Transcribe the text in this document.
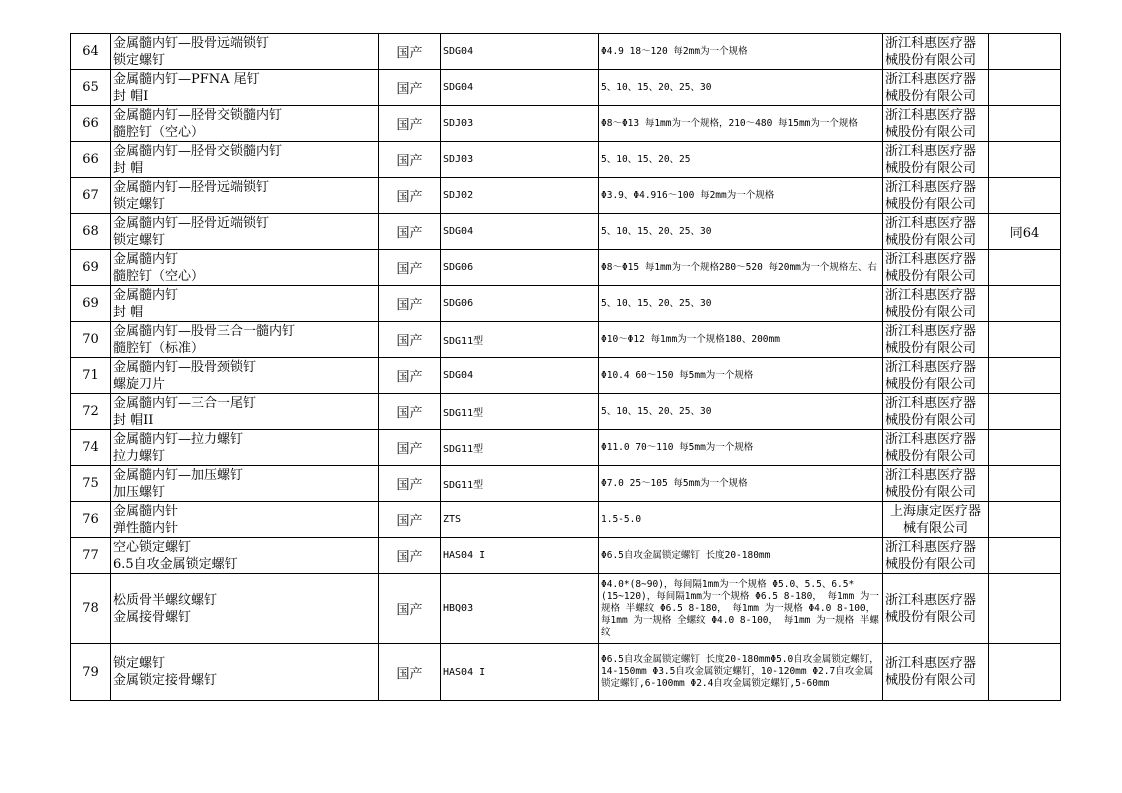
64	金属髓内钉—股骨远端锁钉
锁定螺钉	国产	SDG04	Φ4.9 18～120 每2mm为一个规格	浙江科惠医疗器
械股份有限公司	

65	金属髓内钉—PFNA 尾钉
封 帽I	国产	SDG04	5、10、15、20、25、30	浙江科惠医疗器
械股份有限公司	

66	金属髓内钉—胫骨交锁髓内钉
髓腔钉（空心）	国产	SDJ03	Φ8～Φ13 每1mm为一个规格，210～480 每15mm为一个规格	浙江科惠医疗器
械股份有限公司	

66	金属髓内钉—胫骨交锁髓内钉
封 帽	国产	SDJ03	5、10、15、20、25	浙江科惠医疗器
械股份有限公司	

67	金属髓内钉—胫骨远端锁钉
锁定螺钉	国产	SDJ02	Φ3.9、Φ4.916～100 每2mm为一个规格	浙江科惠医疗器
械股份有限公司	

68	金属髓内钉—胫骨近端锁钉
锁定螺钉	国产	SDG04	5、10、15、20、25、30	浙江科惠医疗器
械股份有限公司	同64
69	金属髓内钉
髓腔钉（空心）	国产	SDG06	Φ8～Φ15 每1mm为一个规格280～520 每20mm为一个规格左、右	浙江科惠医疗器
械股份有限公司	

69	金属髓内钉
封 帽	国产	SDG06	5、10、15、20、25、30	浙江科惠医疗器
械股份有限公司	

70	金属髓内钉—股骨三合一髓内钉
髓腔钉（标准）	国产	SDG11型	Φ10～Φ12 每1mm为一个规格180、200mm	浙江科惠医疗器
械股份有限公司	

71	金属髓内钉—股骨颈锁钉
螺旋刀片	国产	SDG04	Φ10.4 60～150 每5mm为一个规格	浙江科惠医疗器
械股份有限公司	

72	金属髓内钉—三合一尾钉
封 帽II	国产	SDG11型	5、10、15、20、25、30	浙江科惠医疗器
械股份有限公司	

74	金属髓内钉—拉力螺钉
拉力螺钉	国产	SDG11型	Φ11.0 70～110 每5mm为一个规格	浙江科惠医疗器
械股份有限公司	

75	金属髓内钉—加压螺钉
加压螺钉	国产	SDG11型	Φ7.0 25～105 每5mm为一个规格	浙江科惠医疗器
械股份有限公司	

76	金属髓内针
弹性髓内针	国产	ZTS	1.5-5.0	上海康定医疗器
械有限公司	

77	空心锁定螺钉
6.5自攻金属锁定螺钉	国产	HAS04 I	Φ6.5自攻金属锁定螺钉 长度20-180mm	浙江科惠医疗器
械股份有限公司	

78	松质骨半螺纹螺钉
金属接骨螺钉	国产	HBQ03	Φ4.0*(8~90)，每间隔1mm为一个规格 Φ5.0、5.5、6.5*(15~120)，每间隔1mm为一个规格 Φ6.5 8-180， 每1mm 为一规格 半螺纹 Φ6.5 8-180， 每1mm 为一规格 Φ4.0 8-100， 每1mm 为一规格 全螺纹 Φ4.0 8-100， 每1mm 为一规格 半螺纹	浙江科惠医疗器
械股份有限公司	

79	锁定螺钉
金属锁定接骨螺钉	国产	HAS04 I	Φ6.5自攻金属锁定螺钉 长度20-180mmΦ5.0自攻金属锁定螺钉，14-150mm Φ3.5自攻金属锁定螺钉，10-120mm Φ2.7自攻金属锁定螺钉,6-100mm Φ2.4自攻金属锁定螺钉,5-60mm	浙江科惠医疗器
械股份有限公司	
